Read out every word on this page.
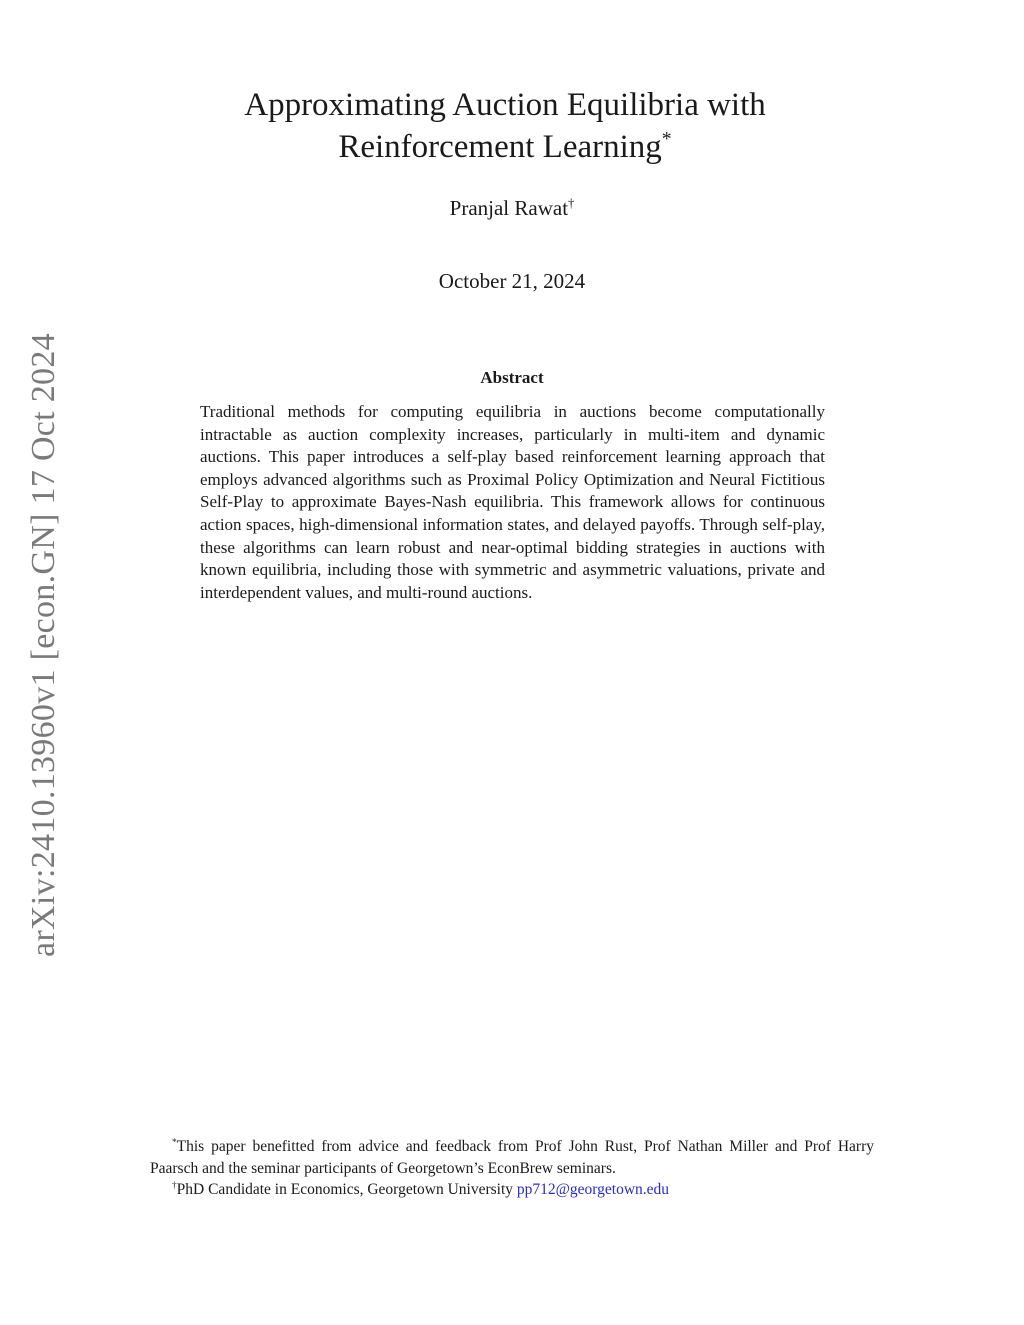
arXiv:2410.13960v1 [econ.GN] 17 Oct 2024
Approximating Auction Equilibria with
Reinforcement Learning*
Pranjal Rawat†
October 21, 2024
Abstract
Traditional methods for computing equilibria in auctions become computationally intractable as auction complexity increases, particularly in multi-item and dynamic auctions. This paper introduces a self-play based reinforcement learning approach that employs advanced algorithms such as Proximal Policy Optimization and Neural Fictitious Self-Play to approximate Bayes-Nash equilibria. This framework allows for continuous action spaces, high-dimensional information states, and delayed payoffs. Through self-play, these algorithms can learn robust and near-optimal bidding strategies in auctions with known equilibria, including those with symmetric and asymmetric valuations, private and interdependent values, and multi-round auctions.

*This paper benefitted from advice and feedback from Prof John Rust, Prof Nathan Miller and Prof Harry Paarsch and the seminar participants of Georgetown’s EconBrew seminars.

†PhD Candidate in Economics, Georgetown University pp712@georgetown.edu
